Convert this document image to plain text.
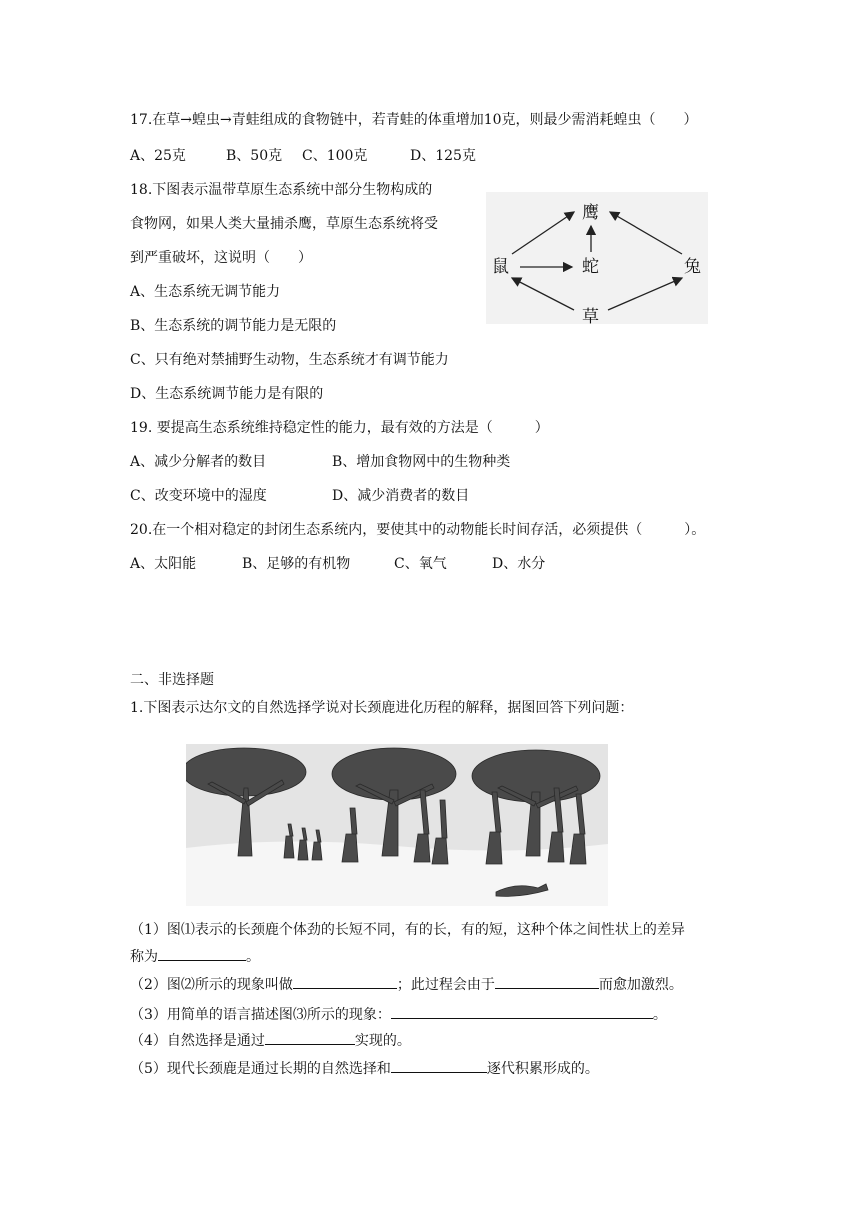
17.在草→蝗虫→青蛙组成的食物链中，若青蛙的体重增加10克，则最少需消耗蝗虫（　　）
A、25克	B、50克 C、100克	D、125克
18.下图表示温带草原生态系统中部分生物构成的
食物网，如果人类大量捕杀鹰，草原生态系统将受
到严重破坏，这说明（　　）
A、生态系统无调节能力
B、生态系统的调节能力是无限的
C、只有绝对禁捕野生动物，生态系统才有调节能力
D、生态系统调节能力是有限的
鹰
鼠	蛇	兔
草
19. 要提高生态系统维持稳定性的能力，最有效的方法是（　　　）
A、减少分解者的数目	B、增加食物网中的生物种类
C、改变环境中的湿度	D、减少消费者的数目
20.在一个相对稳定的封闭生态系统内，要使其中的动物能长时间存活，必须提供（　　　）。
A、太阳能	B、足够的有机物	C、氧气	D、水分
二、非选择题
1.下图表示达尔文的自然选择学说对长颈鹿进化历程的解释，据图回答下列问题：
（1）图⑴表示的长颈鹿个体劲的长短不同，有的长，有的短，这种个体之间性状上的差异
称为	。
（2）图⑵所示的现象叫做	；此过程会由于	而愈加激烈。
（3）用简单的语言描述图⑶所示的现象：	。
（4）自然选择是通过	实现的。
（5）现代长颈鹿是通过长期的自然选择和	逐代积累形成的。
